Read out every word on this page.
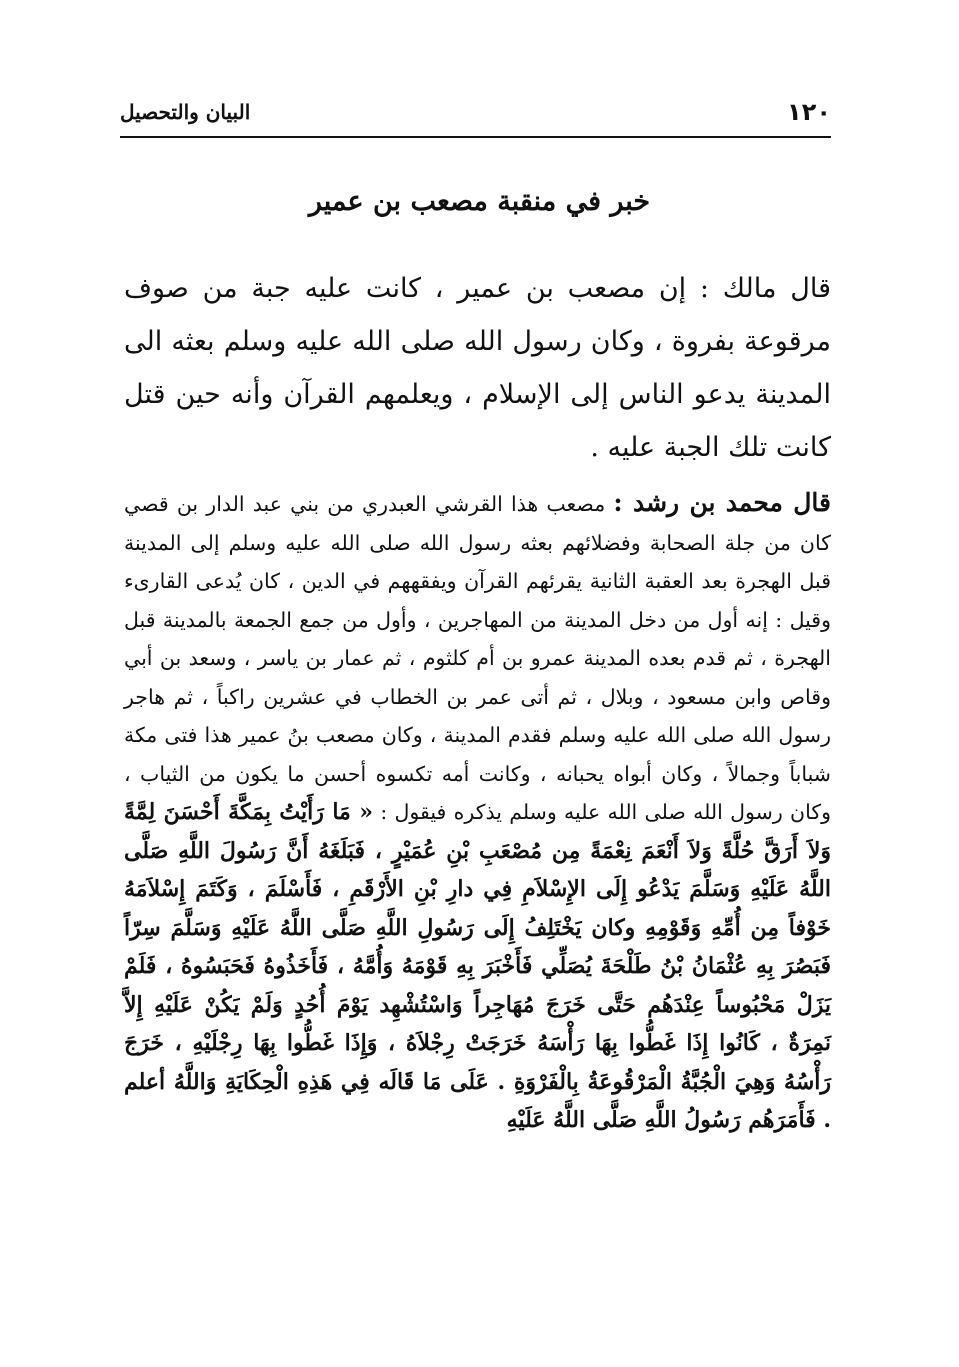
١٢٠
البيان والتحصيل
خبر في منقبة مصعب بن عمير
قال مالك : إن مصعب بن عمير ، كانت عليه جبة من صوف مرقوعة بفروة ، وكان رسول الله صلى الله عليه وسلم بعثه الى المدينة يدعو الناس إلى الإسلام ، ويعلمهم القرآن وأنه حين قتل كانت تلك الجبة عليه .
قال محمد بن رشد : مصعب هذا القرشي العبدري من بني عبد الدار بن قصي كان من جلة الصحابة وفضلائهم بعثه رسول الله صلى الله عليه وسلم إلى المدينة قبل الهجرة بعد العقبة الثانية يقرئهم القرآن ويفقههم في الدين ، كان يُدعى القارىء وقيل : إنه أول من دخل المدينة من المهاجرين ، وأول من جمع الجمعة بالمدينة قبل الهجرة ، ثم قدم بعده المدينة عمرو بن أم كلثوم ، ثم عمار بن ياسر ، وسعد بن أبي وقاص وابن مسعود ، وبلال ، ثم أتى عمر بن الخطاب في عشرين راكباً ، ثم هاجر رسول الله صلى الله عليه وسلم فقدم المدينة ، وكان مصعب بنُ عمير هذا فتى مكة شباباً وجمالاً ، وكان أبواه يحبانه ، وكانت أمه تكسوه أحسن ما يكون من الثياب ، وكان رسول الله صلى الله عليه وسلم يذكره فيقول : « مَا رَأَيْتُ بِمَكَّةَ أَحْسَنَ لِمَّةً وَلاَ أَرَقَّ حُلَّةً وَلاَ أَنْعَمَ نِعْمَةً مِن مُصْعَبِ بْنِ عُمَيْرٍ ، فَبَلَغَهُ أَنَّ رَسُولَ اللَّهِ صَلَّى اللَّهُ عَلَيْهِ وَسَلَّمَ يَدْعُو إِلَى الإِسْلاَمِ فِي دارِ بْنِ الأَرْقَمِ ، فَأَسْلَمَ ، وَكَتَمَ إِسْلاَمَهُ خَوْفاً مِن أُمِّهِ وَقَوْمِهِ وكان يَخْتَلِفُ إِلَى رَسُولِ اللَّهِ صَلَّى اللَّهُ عَلَيْهِ وَسَلَّمَ سِرّاً فَبَصُرَ بِهِ عُثْمَانُ بْنُ طَلْحَةَ يُصَلِّي فَأَخْبَرَ بِهِ قَوْمَهُ وَأُمَّهُ ، فَأَخَذُوهُ فَحَبَسُوهُ ، فَلَمْ يَزَلْ مَحْبُوساً عِنْدَهُم حَتَّى خَرَجَ مُهَاجِراً وَاسْتُشْهِد يَوْمَ أُحُدٍ وَلَمْ يَكُنْ عَلَيْهِ إِلاَّ نَمِرَةٌ ، كَانُوا إِذَا غَطُّوا بِهَا رَأْسَهُ خَرَجَتْ رِجْلاَهُ ، وَإِذَا غَطُّوا بِهَا رِجْلَيْهِ ، خَرَجَ رَأْسُهُ وَهِيَ الْجُبَّةُ الْمَرْقُوعَةُ بِالْفَرْوَةِ . عَلَى مَا قَالَه فِي هَذِهِ الْحِكَايَةِ وَاللَّهُ أعلم . فَأَمَرَهُم رَسُولُ اللَّهِ صَلَّى اللَّهُ عَلَيْهِ
